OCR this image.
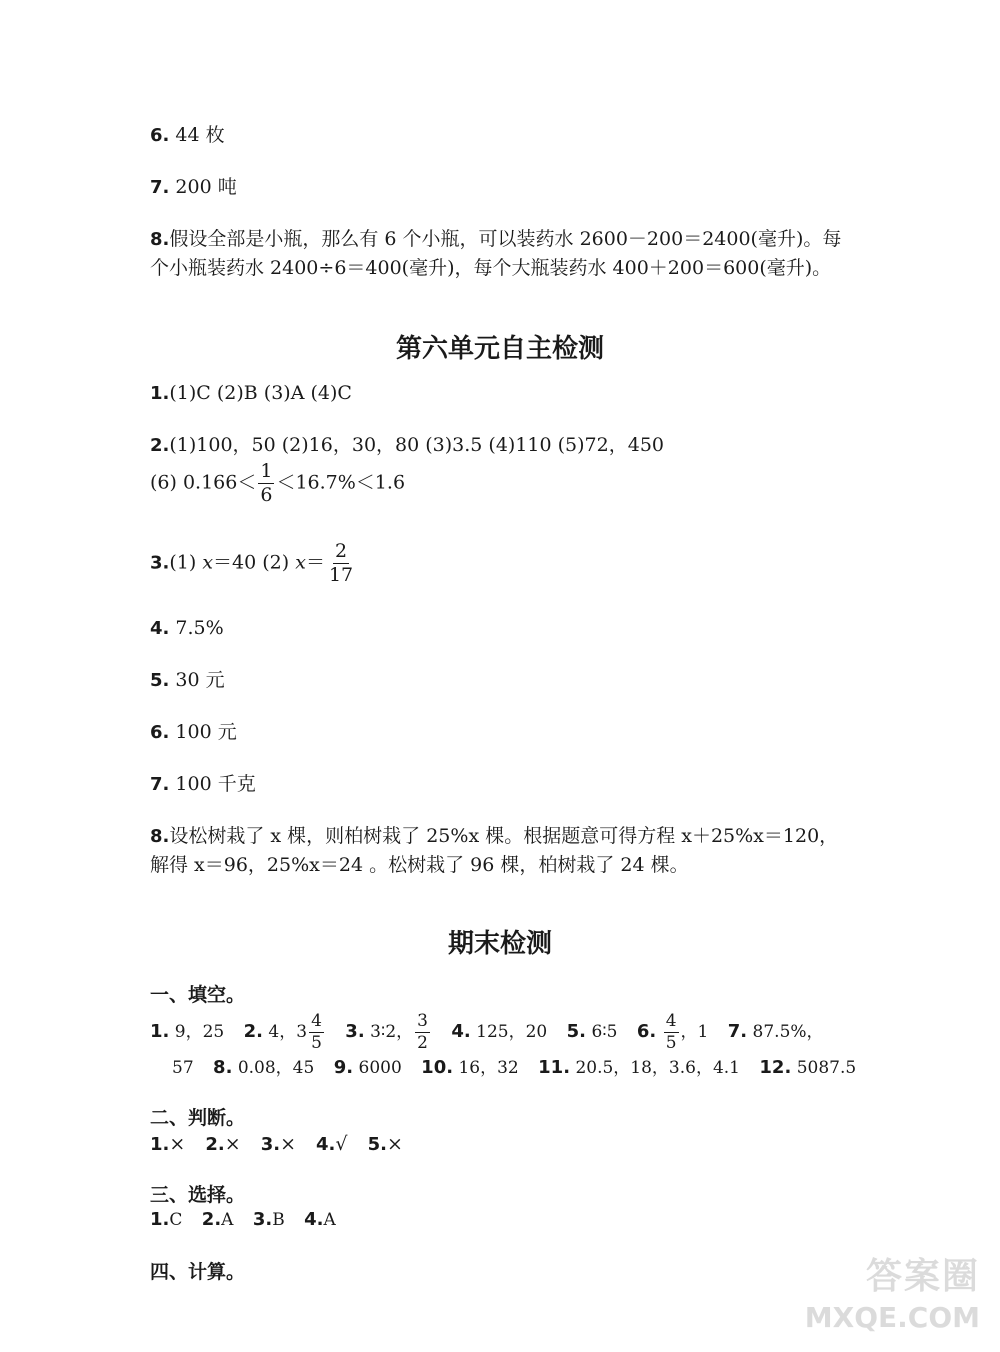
6. 44 枚
7. 200 吨
8.假设全部是小瓶，那么有 6 个小瓶，可以装药水 2600－200＝2400(毫升)。每
个小瓶装药水 2400÷6＝400(毫升)，每个大瓶装药水 400＋200＝600(毫升)。
第六单元自主检测
1.(1)C (2)B (3)A (4)C
2.(1)100，50 (2)16，30，80 (3)3.5 (4)110 (5)72，450
(6) $0.166< \frac{1}{6} <16.7\%<1.6$
3.(1) x＝40 (2) $x= \frac{2}{17}$
4. 7.5%
5. 30 元
6. 100 元
7. 100 千克
8.设松树栽了 x 棵，则柏树栽了 25%x 棵。根据题意可得方程 x＋25%x＝120，
解得 x＝96，25%x＝24 。松树栽了 96 棵，柏树栽了 24 棵。
期末检测
一、填空。
1. 9，25 2. 4，$3 \frac{4}{5} 3$. 3∶2， $\frac{3}{2} 4$. 125，20 5. 6∶5 6. $\frac{4}{5}$ ，1 7. 87.5%，
57 8. 0.08，45 9. 6000 10. 16，32 11. 20.5，18，3.6，4.1 12. 5087.5
二、判断。
1.× 2.× 3.× 4.√ 5.×
三、选择。
1.C 2.A 3.B 4.A
四、计算。	答案圈
MXQE.COM
